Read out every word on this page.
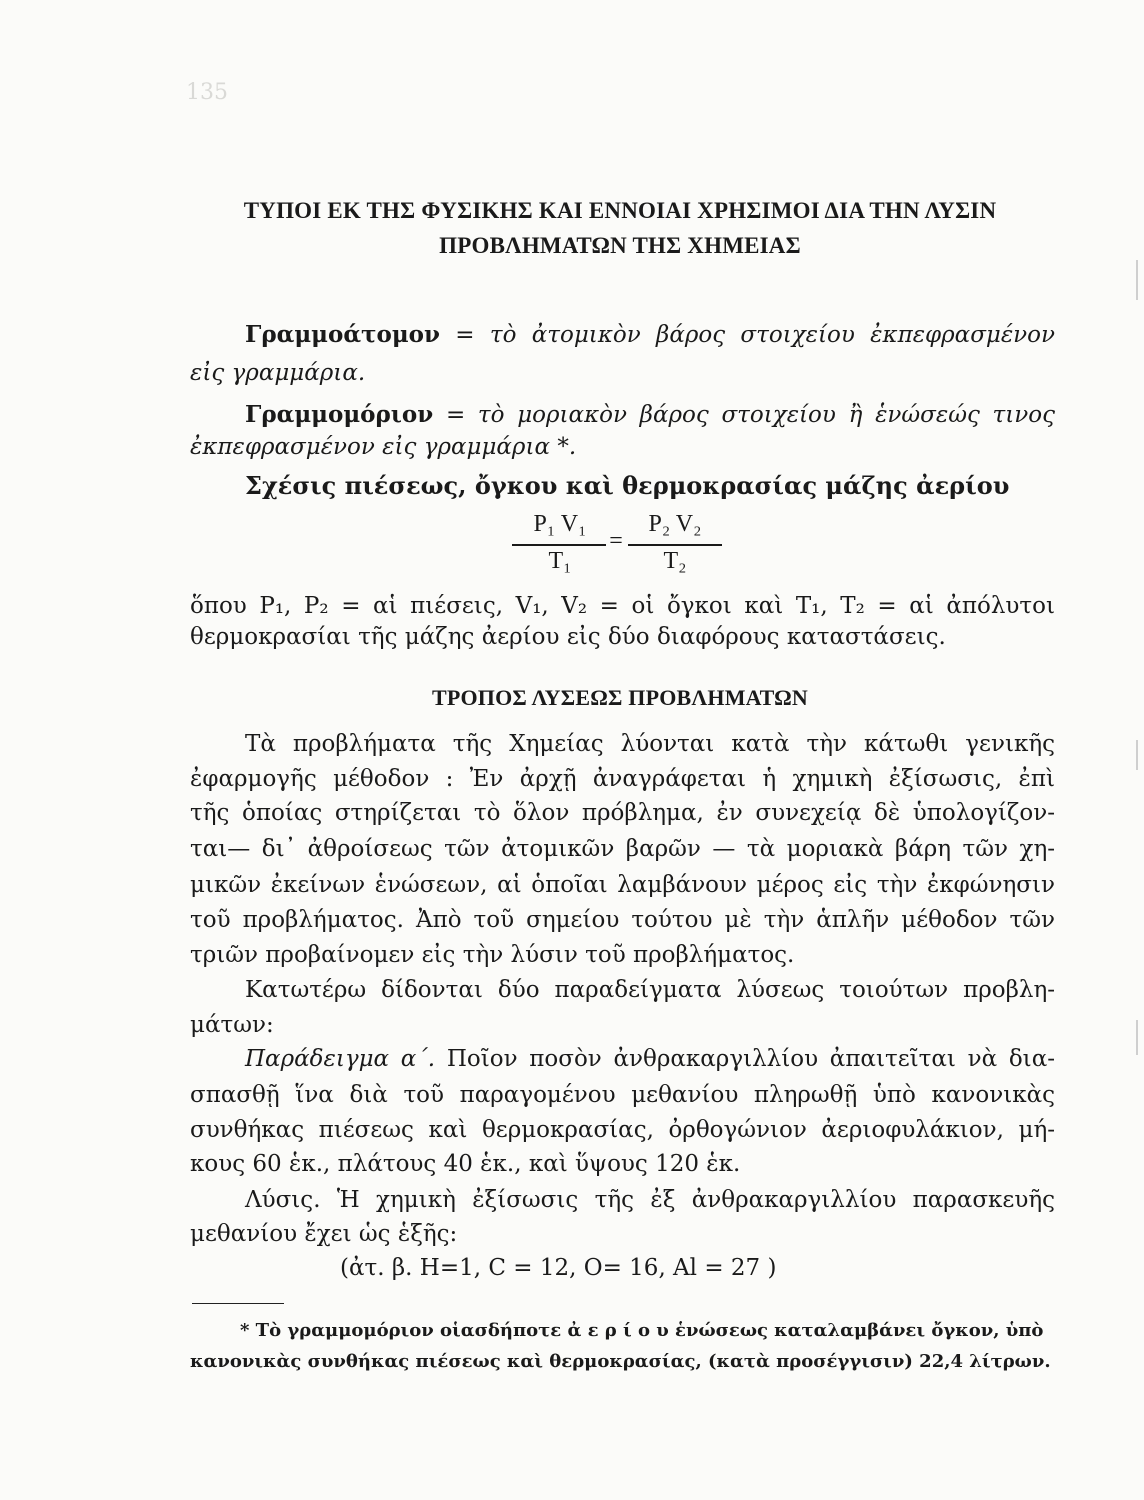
135
ΤΥΠΟΙ ΕΚ ΤΗΣ ΦΥΣΙΚΗΣ ΚΑΙ ΕΝΝΟΙΑΙ ΧΡΗΣΙΜΟΙ ΔΙΑ ΤΗΝ ΛΥΣΙΝ
ΠΡΟΒΛΗΜΑΤΩΝ ΤΗΣ ΧΗΜΕΙΑΣ
Γραμμοάτομον = τὸ ἀτομικὸν βάρος στοιχείου ἐκπεφρασμένον
εἰς γραμμάρια.
Γραμμομόριον = τὸ μοριακὸν βάρος στοιχείου ἢ ἑνώσεώς τινος
ἐκπεφρασμένον εἰς γραμμάρια *.
Σχέσις πιέσεως, ὄγκου καὶ θερμοκρασίας μάζης ἀερίου
P₁ V₁
T₁
=
P₂ V₂
T₂
ὅπου P₁, P₂ = αἱ πιέσεις, V₁, V₂ = οἱ ὄγκοι καὶ T₁, T₂ = αἱ ἀπόλυτοι
θερμοκρασίαι τῆς μάζης ἀερίου εἰς δύο διαφόρους καταστάσεις.
ΤΡΟΠΟΣ ΛΥΣΕΩΣ ΠΡΟΒΛΗΜΑΤΩΝ
Τὰ προβλήματα τῆς Χημείας λύονται κατὰ τὴν κάτωθι γενικῆς
ἐφαρμογῆς μέθοδον : Ἐν ἀρχῇ ἀναγράφεται ἡ χημικὴ ἐξίσωσις, ἐπὶ
τῆς ὁποίας στηρίζεται τὸ ὅλον πρόβλημα, ἐν συνεχείᾳ δὲ ὑπολογίζον-
ται— δι᾽ ἀθροίσεως τῶν ἀτομικῶν βαρῶν — τὰ μοριακὰ βάρη τῶν χη-
μικῶν ἐκείνων ἑνώσεων, αἱ ὁποῖαι λαμβάνουν μέρος εἰς τὴν ἐκφώνησιν
τοῦ προβλήματος. Ἀπὸ τοῦ σημείου τούτου μὲ τὴν ἁπλῆν μέθοδον τῶν
τριῶν προβαίνομεν εἰς τὴν λύσιν τοῦ προβλήματος.
Κατωτέρω δίδονται δύο παραδείγματα λύσεως τοιούτων προβλη-
μάτων:
Παράδειγμα α΄. Ποῖον ποσὸν ἀνθρακαργιλλίου ἀπαιτεῖται νὰ δια-
σπασθῇ ἵνα διὰ τοῦ παραγομένου μεθανίου πληρωθῇ ὑπὸ κανονικὰς
συνθήκας πιέσεως καὶ θερμοκρασίας, ὀρθογώνιον ἀεριοφυλάκιον, μή-
κους 60 ἑκ., πλάτους 40 ἑκ., καὶ ὕψους 120 ἑκ.
Λύσις. Ἡ χημικὴ ἐξίσωσις τῆς ἐξ ἀνθρακαργιλλίου παρασκευῆς
μεθανίου ἔχει ὡς ἑξῆς:
(ἀτ. β. H=1, C = 12, O= 16, Al = 27 )
* Τὸ γραμμομόριον οἱασδήποτε ἀ ε ρ ί ο υ ἑνώσεως καταλαμβάνει ὄγκον, ὑπὸ
κανονικὰς συνθήκας πιέσεως καὶ θερμοκρασίας, (κατὰ προσέγγισιν) 22,4 λίτρων.
